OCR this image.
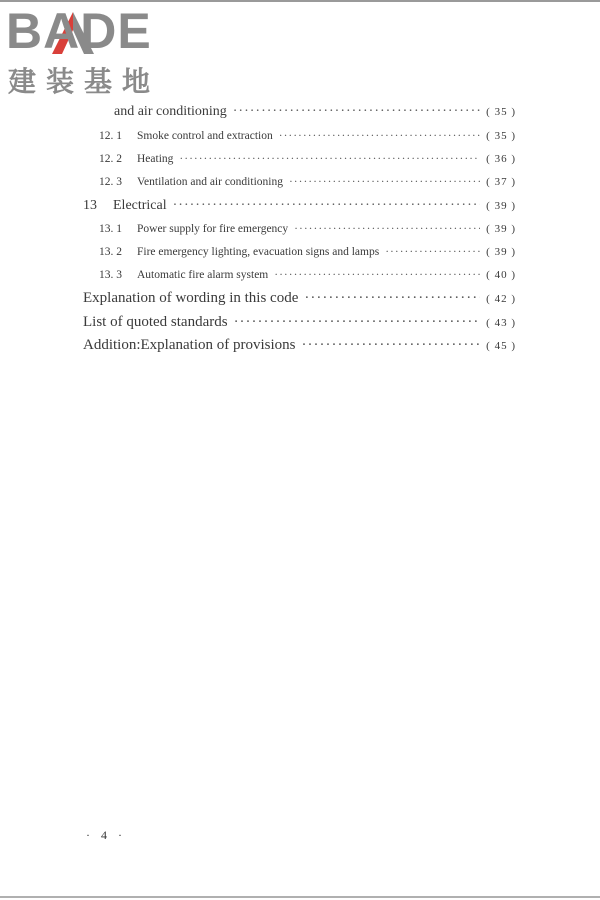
BADE
建装基地
and air conditioning ·····	( 35 )
12. 1 Smoke control and extraction ·····	( 35 )
12. 2 Heating ·····	( 36 )
12. 3 Ventilation and air conditioning ·····	( 37 )
13 Electrical ·····	( 39 )
13. 1 Power supply for fire emergency ·····	( 39 )
13. 2 Fire emergency lighting, evacuation signs and lamps ·····	( 39 )
13. 3 Automatic fire alarm system ·····	( 40 )
Explanation of wording in this code ·····	( 42 )
List of quoted standards ·····	( 43 )
Addition:Explanation of provisions ·····	( 45 )
· 4 ·
